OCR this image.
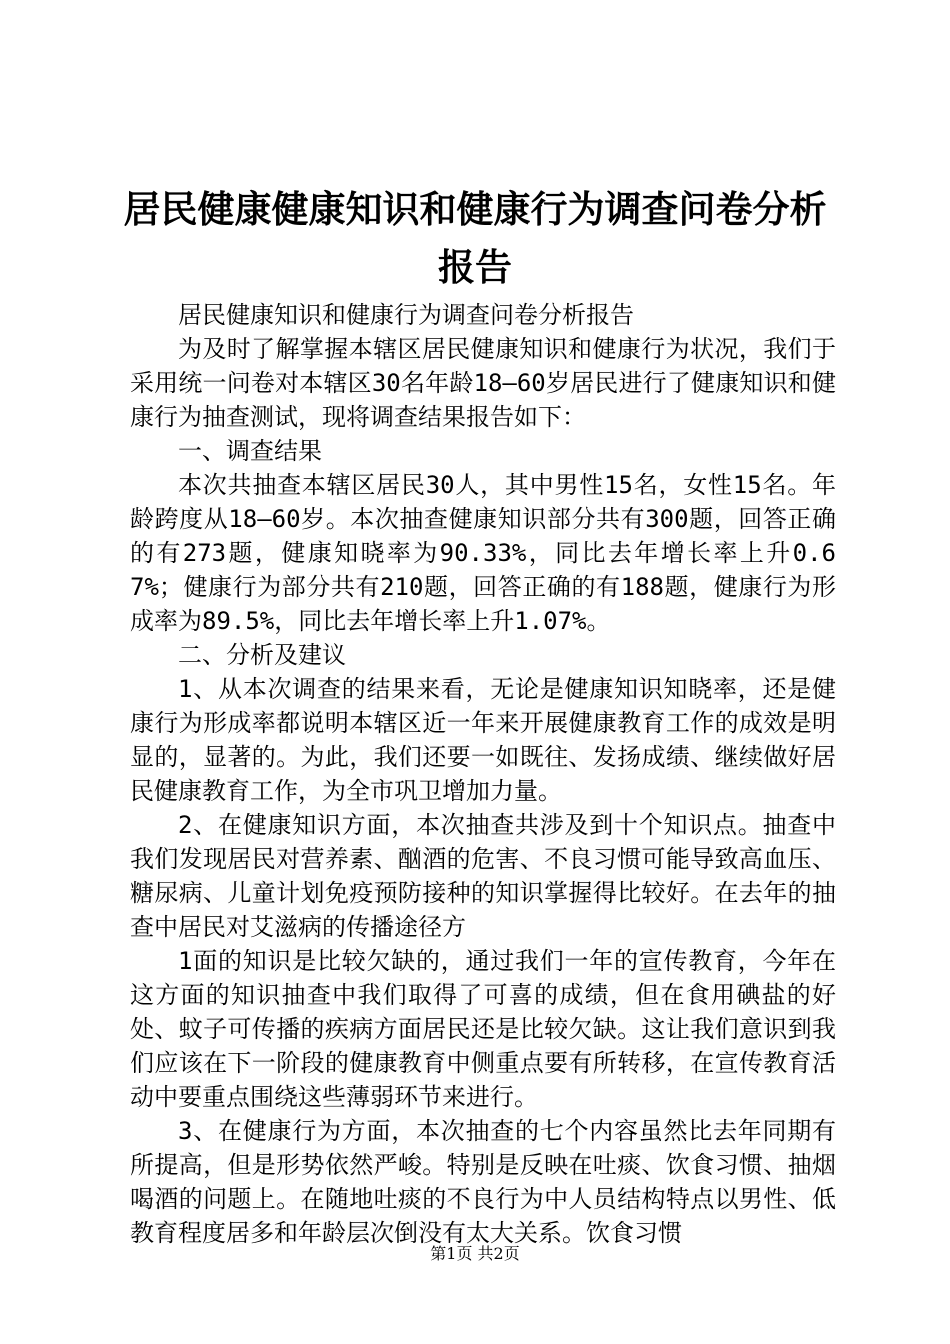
居民健康健康知识和健康行为调查问卷分析报告

居民健康知识和健康行为调查问卷分析报告

为及时了解掌握本辖区居民健康知识和健康行为状况，我们于采用统一问卷对本辖区30名年龄18—60岁居民进行了健康知识和健康行为抽查测试，现将调查结果报告如下：

一、调查结果

本次共抽查本辖区居民30人，其中男性15名，女性15名。年龄跨度从18—60岁。本次抽查健康知识部分共有300题，回答正确的有273题，健康知晓率为90.33%，同比去年增长率上升0.67%；健康行为部分共有210题，回答正确的有188题，健康行为形成率为89.5%，同比去年增长率上升1.07%。

二、分析及建议

1、从本次调查的结果来看，无论是健康知识知晓率，还是健康行为形成率都说明本辖区近一年来开展健康教育工作的成效是明显的，显著的。为此，我们还要一如既往、发扬成绩、继续做好居民健康教育工作，为全市巩卫增加力量。

2、在健康知识方面，本次抽查共涉及到十个知识点。抽查中我们发现居民对营养素、酗酒的危害、不良习惯可能导致高血压、糖尿病、儿童计划免疫预防接种的知识掌握得比较好。在去年的抽查中居民对艾滋病的传播途径方

1面的知识是比较欠缺的，通过我们一年的宣传教育，今年在这方面的知识抽查中我们取得了可喜的成绩，但在食用碘盐的好处、蚊子可传播的疾病方面居民还是比较欠缺。这让我们意识到我们应该在下一阶段的健康教育中侧重点要有所转移，在宣传教育活动中要重点围绕这些薄弱环节来进行。

3、在健康行为方面，本次抽查的七个内容虽然比去年同期有所提高，但是形势依然严峻。特别是反映在吐痰、饮食习惯、抽烟喝酒的问题上。在随地吐痰的不良行为中人员结构特点以男性、低教育程度居多和年龄层次倒没有太大关系。饮食习惯

第1页 共2页
